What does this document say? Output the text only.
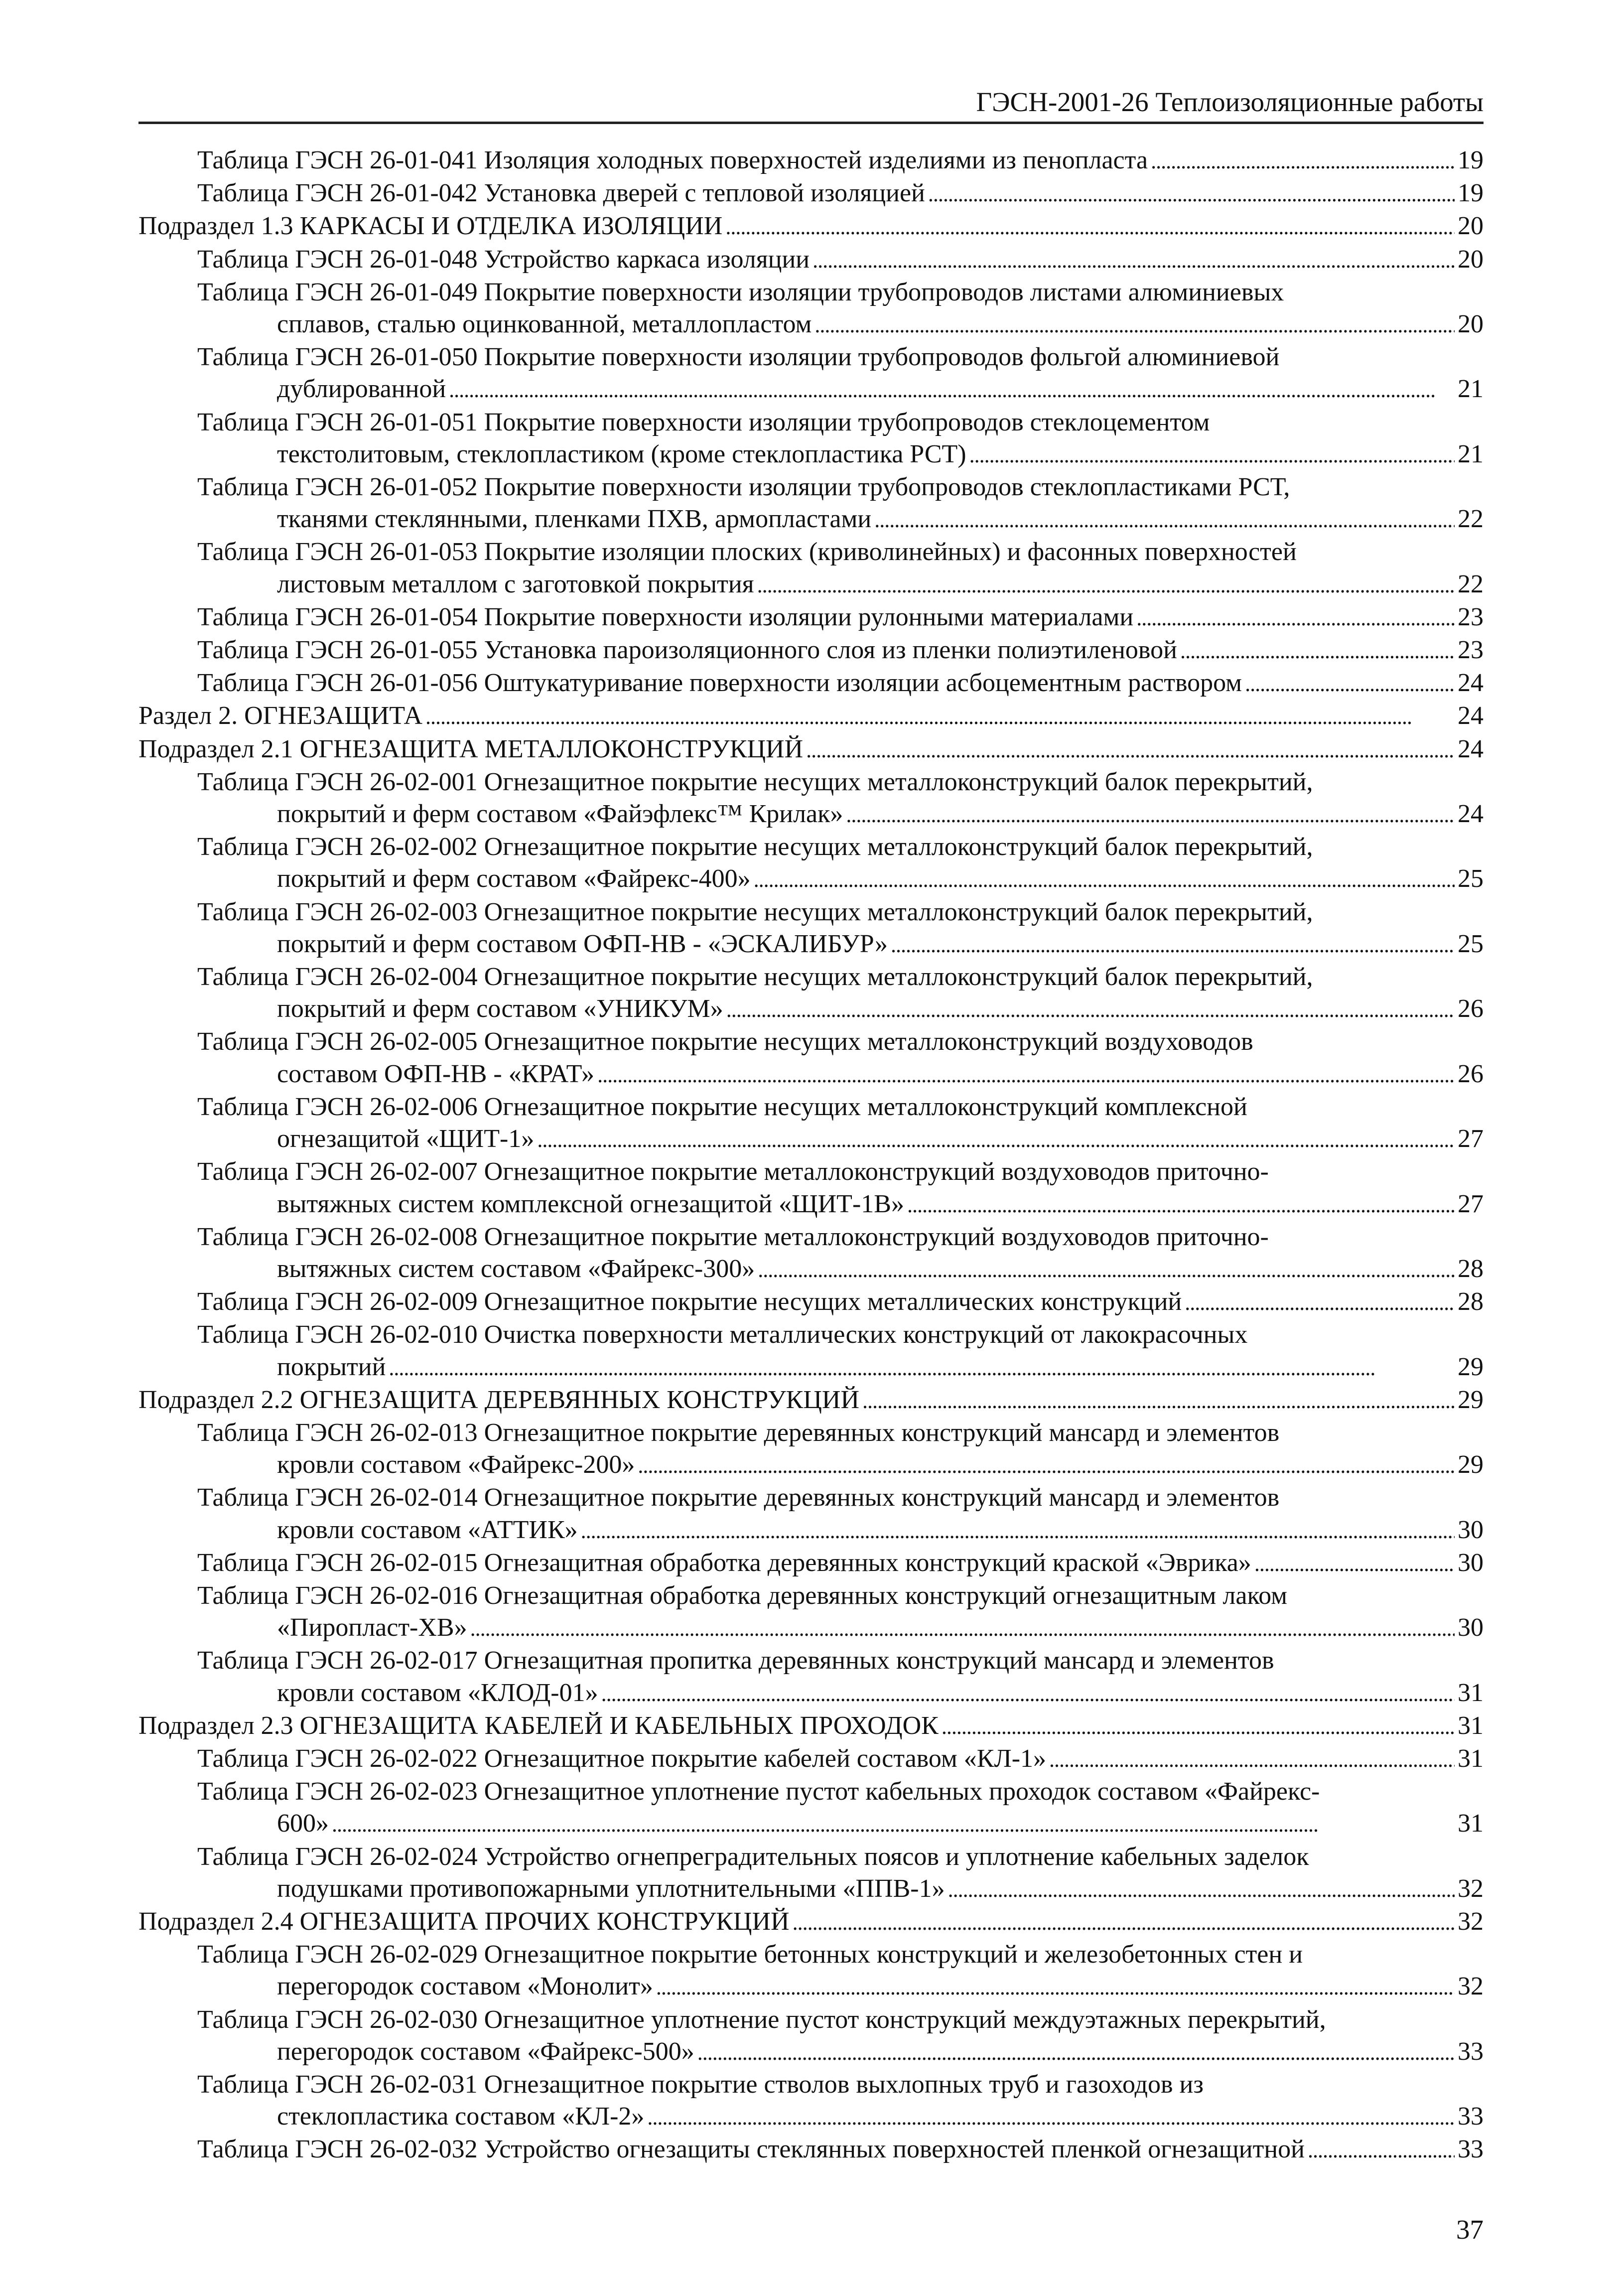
ГЭСН-2001-26 Теплоизоляционные работы
Таблица ГЭСН 26-01-041 Изоляция холодных поверхностей изделиями из пенопласта . . .	19
Таблица ГЭСН 26-01-042 Установка дверей с тепловой изоляцией . . .	19
Подраздел 1.3 КАРКАСЫ И ОТДЕЛКА ИЗОЛЯЦИИ . . .	20
Таблица ГЭСН 26-01-048 Устройство каркаса изоляции . . .	20
Таблица ГЭСН 26-01-049 Покрытие поверхности изоляции трубопроводов листами алюминиевых
сплавов, сталью оцинкованной, металлопластом . . .	20
Таблица ГЭСН 26-01-050 Покрытие поверхности изоляции трубопроводов фольгой алюминиевой
дублированной . . .	21
Таблица ГЭСН 26-01-051 Покрытие поверхности изоляции трубопроводов стеклоцементом
текстолитовым, стеклопластиком (кроме стеклопластика РСТ) . . .	21
Таблица ГЭСН 26-01-052 Покрытие поверхности изоляции трубопроводов стеклопластиками РСТ,
тканями стеклянными, пленками ПХВ, армопластами . . .	22
Таблица ГЭСН 26-01-053 Покрытие изоляции плоских (криволинейных) и фасонных поверхностей
листовым металлом с заготовкой покрытия . . .	22
Таблица ГЭСН 26-01-054 Покрытие поверхности изоляции рулонными материалами . . .	23
Таблица ГЭСН 26-01-055 Установка пароизоляционного слоя из пленки полиэтиленовой . . .	23
Таблица ГЭСН 26-01-056 Оштукатуривание поверхности изоляции асбоцементным раствором . . .	24
Раздел 2. ОГНЕЗАЩИТА . . .	24
Подраздел 2.1 ОГНЕЗАЩИТА МЕТАЛЛОКОНСТРУКЦИЙ . . .	24
Таблица ГЭСН 26-02-001 Огнезащитное покрытие несущих металлоконструкций балок перекрытий,
покрытий и ферм составом «Файэфлекс™ Крилак» . . .	24
Таблица ГЭСН 26-02-002 Огнезащитное покрытие несущих металлоконструкций балок перекрытий,
покрытий и ферм составом «Файрекс-400» . . .	25
Таблица ГЭСН 26-02-003 Огнезащитное покрытие несущих металлоконструкций балок перекрытий,
покрытий и ферм составом ОФП-НВ - «ЭСКАЛИБУР» . . .	25
Таблица ГЭСН 26-02-004 Огнезащитное покрытие несущих металлоконструкций балок перекрытий,
покрытий и ферм составом «УНИКУМ» . . .	26
Таблица ГЭСН 26-02-005 Огнезащитное покрытие несущих металлоконструкций воздуховодов
составом ОФП-НВ - «КРАТ» . . .	26
Таблица ГЭСН 26-02-006 Огнезащитное покрытие несущих металлоконструкций комплексной
огнезащитой «ЩИТ-1» . . .	27
Таблица ГЭСН 26-02-007 Огнезащитное покрытие металлоконструкций воздуховодов приточно-
вытяжных систем комплексной огнезащитой «ЩИТ-1В» . . .	27
Таблица ГЭСН 26-02-008 Огнезащитное покрытие металлоконструкций воздуховодов приточно-
вытяжных систем составом «Файрекс-300» . . .	28
Таблица ГЭСН 26-02-009 Огнезащитное покрытие несущих металлических конструкций . . .	28
Таблица ГЭСН 26-02-010 Очистка поверхности металлических конструкций от лакокрасочных
покрытий . . .	29
Подраздел 2.2 ОГНЕЗАЩИТА ДЕРЕВЯННЫХ КОНСТРУКЦИЙ . . .	29
Таблица ГЭСН 26-02-013 Огнезащитное покрытие деревянных конструкций мансард и элементов
кровли составом «Файрекс-200» . . .	29
Таблица ГЭСН 26-02-014 Огнезащитное покрытие деревянных конструкций мансард и элементов
кровли составом «АТТИК» . . .	30
Таблица ГЭСН 26-02-015 Огнезащитная обработка деревянных конструкций краской «Эврика» . . .	30
Таблица ГЭСН 26-02-016 Огнезащитная обработка деревянных конструкций огнезащитным лаком
«Пиропласт-ХВ» . . .	30
Таблица ГЭСН 26-02-017 Огнезащитная пропитка деревянных конструкций мансард и элементов
кровли составом «КЛОД-01» . . .	31
Подраздел 2.3 ОГНЕЗАЩИТА КАБЕЛЕЙ И КАБЕЛЬНЫХ ПРОХОДОК . . .	31
Таблица ГЭСН 26-02-022 Огнезащитное покрытие кабелей составом «КЛ-1» . . .	31
Таблица ГЭСН 26-02-023 Огнезащитное уплотнение пустот кабельных проходок составом «Файрекс-
600» . . .	31
Таблица ГЭСН 26-02-024 Устройство огнепреградительных поясов и уплотнение кабельных заделок
подушками противопожарными уплотнительными «ППВ-1» . . .	32
Подраздел 2.4 ОГНЕЗАЩИТА ПРОЧИХ КОНСТРУКЦИЙ . . .	32
Таблица ГЭСН 26-02-029 Огнезащитное покрытие бетонных конструкций и железобетонных стен и
перегородок составом «Монолит» . . .	32
Таблица ГЭСН 26-02-030 Огнезащитное уплотнение пустот конструкций междуэтажных перекрытий,
перегородок составом «Файрекс-500» . . .	33
Таблица ГЭСН 26-02-031 Огнезащитное покрытие стволов выхлопных труб и газоходов из
стеклопластика составом «КЛ-2» . . .	33
Таблица ГЭСН 26-02-032 Устройство огнезащиты стеклянных поверхностей пленкой огнезащитной . . .	33
37
